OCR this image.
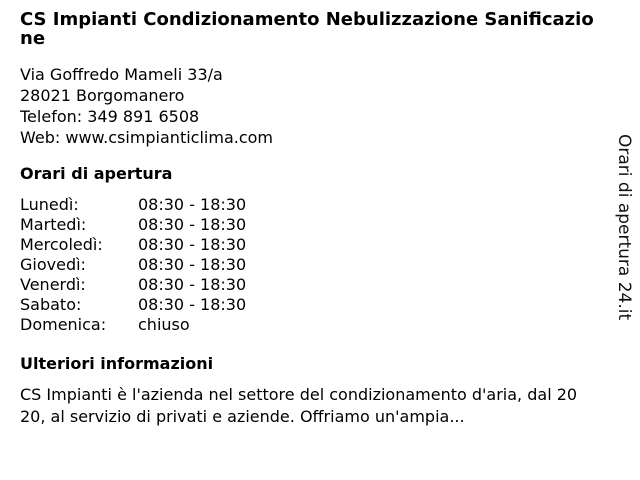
CS Impianti Condizionamento Nebulizzazione Sanificazione
Via Goffredo Mameli 33/a
28021 Borgomanero
Telefon: 349 891 6508
Web: www.csimpianticlima.com
Orari di apertura
Lunedì:	08:30 - 18:30
Martedì:	08:30 - 18:30
Mercoledì: 08:30 - 18:30
Giovedì:	08:30 - 18:30
Venerdì:	08:30 - 18:30
Sabato:	08:30 - 18:30
Domenica: chiuso
Ulteriori informazioni
CS Impianti è l'azienda nel settore del condizionamento d'aria, dal 2020, al servizio di privati e aziende. Offriamo un'ampia...
Orari di apertura 24.it
